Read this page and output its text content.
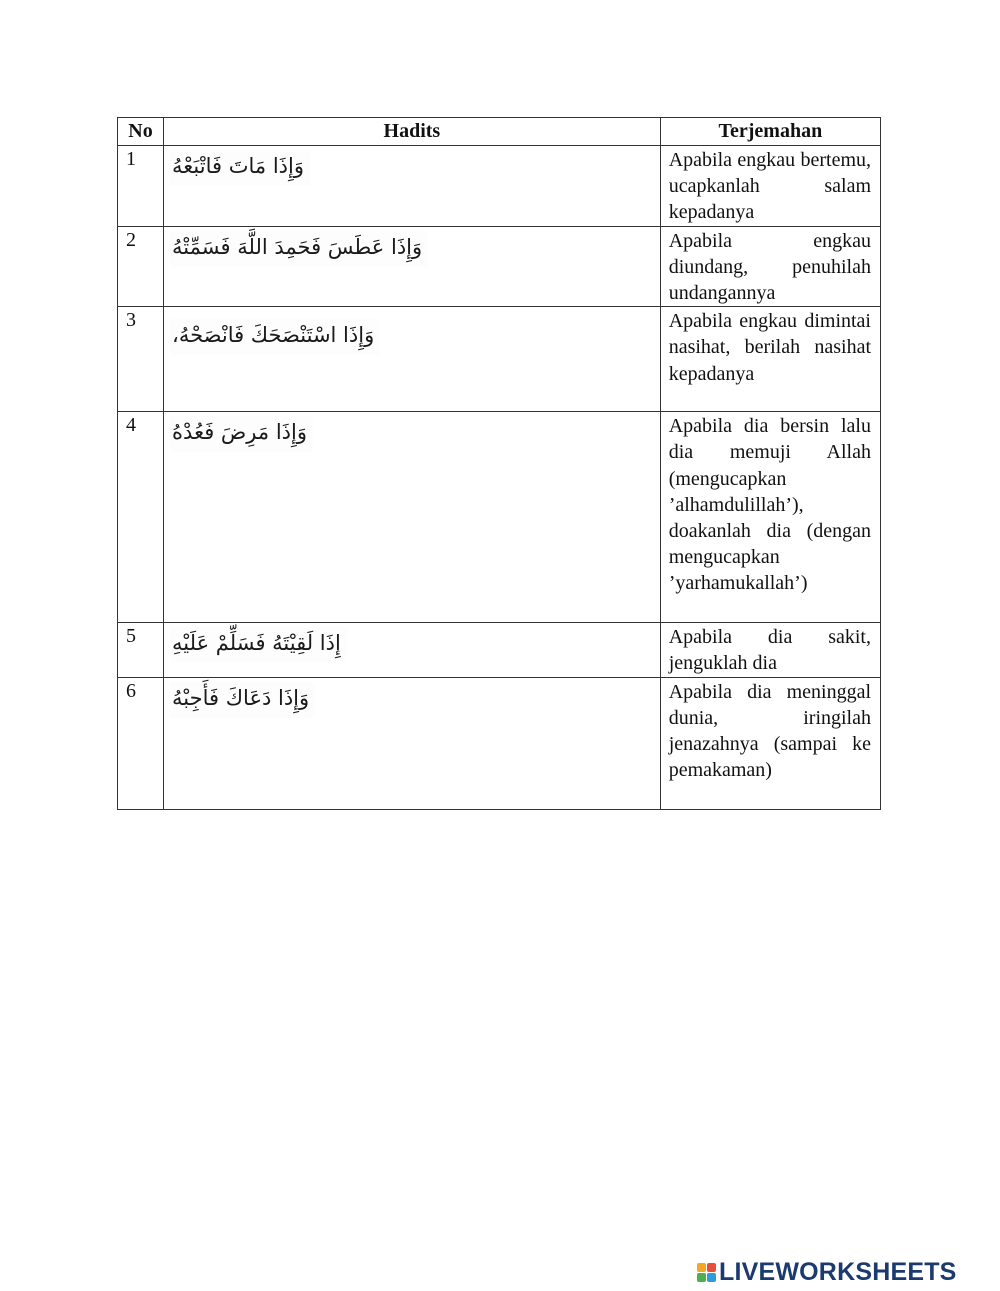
No	Hadits	Terjemahan
1	وَإِذَا مَاتَ فَاتْبَعْهُ	Apabila engkau bertemu, ucapkanlah salam kepadanya
2	وَإِذَا عَطَسَ فَحَمِدَ اللَّهَ فَسَمِّتْهُ	Apabila engkau diundang, penuhilah undangannya
3	وَإِذَا اسْتَنْصَحَكَ فَانْصَحْهُ،	Apabila engkau dimintai nasihat, berilah nasihat kepadanya
4	وَإِذَا مَرِضَ فَعُدْهُ	Apabila dia bersin lalu dia memuji Allah (mengucapkan ’alhamdulillah’), doakanlah dia (dengan mengucapkan ’yarhamukallah’)
5	إِذَا لَقِيْتَهُ فَسَلِّمْ عَلَيْهِ	Apabila dia sakit, jenguklah dia
6	وَإِذَا دَعَاكَ فَأَجِبْهُ	Apabila dia meninggal dunia, iringilah jenazahnya (sampai ke pemakaman)
LIVEWORKSHEETS
